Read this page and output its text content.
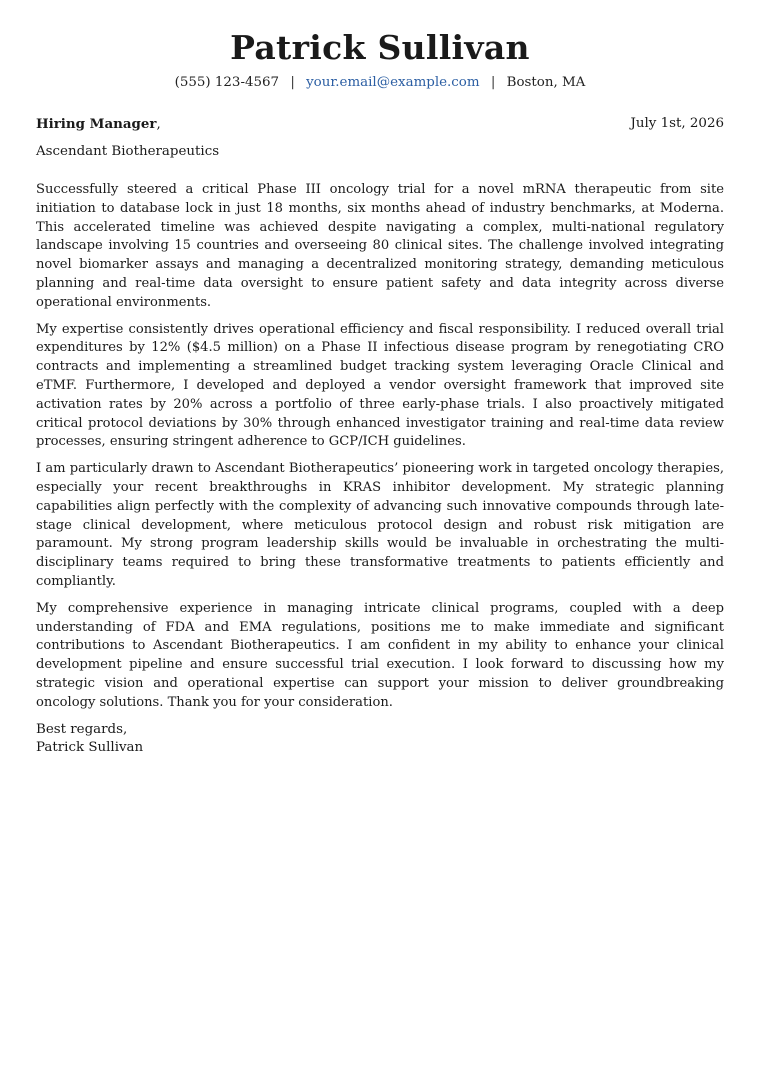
Patrick Sullivan
(555) 123-4567 | your.email@example.com | Boston, MA
Hiring Manager,	July 1st, 2026
Ascendant Biotherapeutics

Successfully steered a critical Phase III oncology trial for a novel mRNA therapeutic from site initiation to database lock in just 18 months, six months ahead of industry benchmarks, at Moderna. This accelerated timeline was achieved despite navigating a complex, multi-national regulatory landscape involving 15 countries and overseeing 80 clinical sites. The challenge involved integrating novel biomarker assays and managing a decentralized monitoring strategy, demanding meticulous planning and real-time data oversight to ensure patient safety and data integrity across diverse operational environments.

My expertise consistently drives operational efficiency and fiscal responsibility. I reduced overall trial expenditures by 12% ($4.5 million) on a Phase II infectious disease program by renegotiating CRO contracts and implementing a streamlined budget tracking system leveraging Oracle Clinical and eTMF. Furthermore, I developed and deployed a vendor oversight framework that improved site activation rates by 20% across a portfolio of three early-phase trials. I also proactively mitigated critical protocol deviations by 30% through enhanced investigator training and real-time data review processes, ensuring stringent adherence to GCP/ICH guidelines.

I am particularly drawn to Ascendant Biotherapeutics’ pioneering work in targeted oncology therapies, especially your recent breakthroughs in KRAS inhibitor development. My strategic planning capabilities align perfectly with the complexity of advancing such innovative compounds through late-stage clinical development, where meticulous protocol design and robust risk mitigation are paramount. My strong program leadership skills would be invaluable in orchestrating the multi-disciplinary teams required to bring these transformative treatments to patients efficiently and compliantly.

My comprehensive experience in managing intricate clinical programs, coupled with a deep understanding of FDA and EMA regulations, positions me to make immediate and significant contributions to Ascendant Biotherapeutics. I am confident in my ability to enhance your clinical development pipeline and ensure successful trial execution. I look forward to discussing how my strategic vision and operational expertise can support your mission to deliver groundbreaking oncology solutions. Thank you for your consideration.

Best regards,
Patrick Sullivan
